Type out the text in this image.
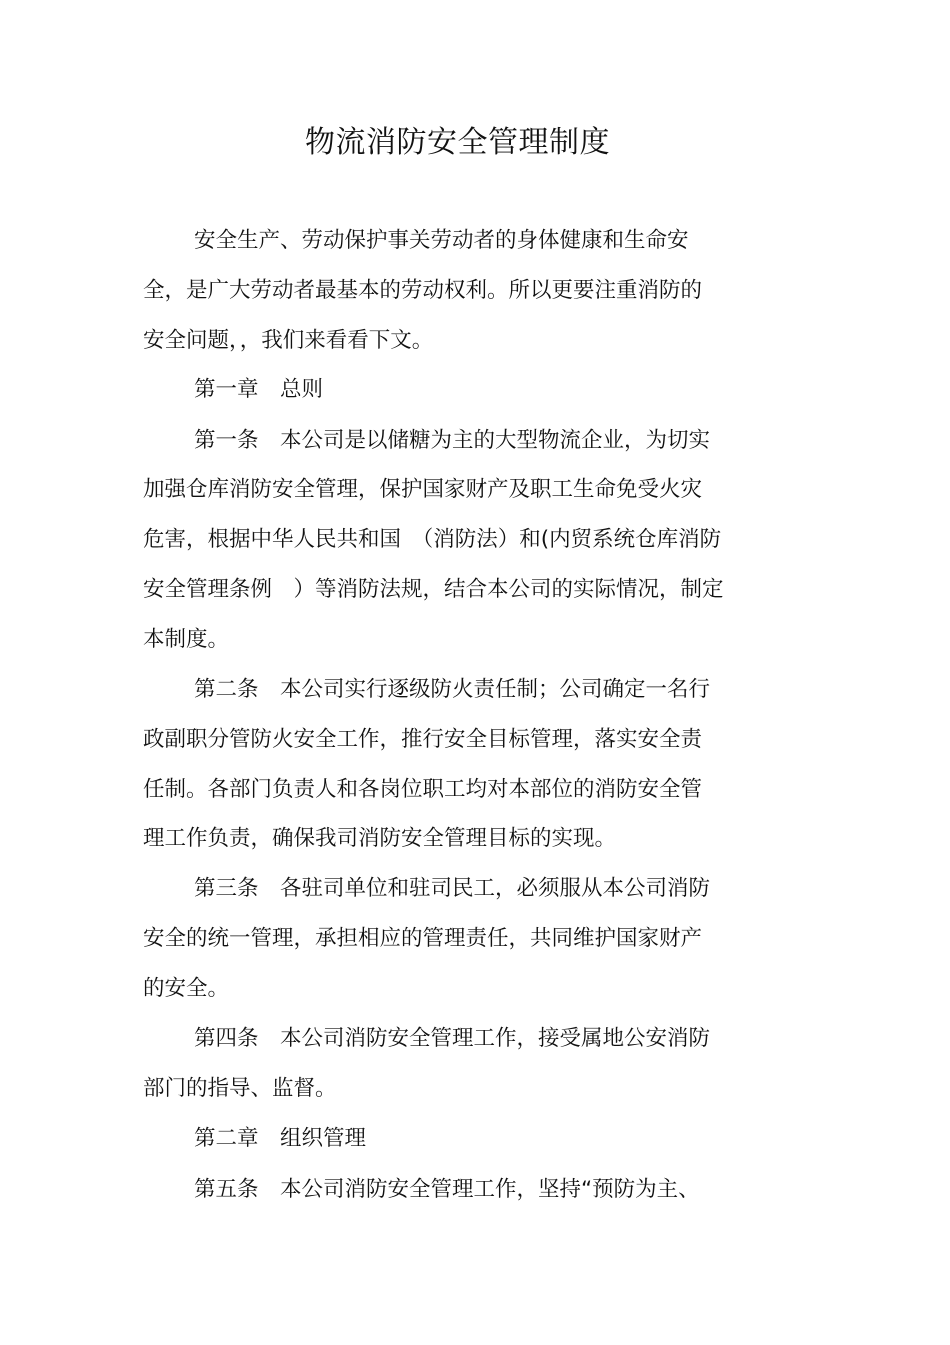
物流消防安全管理制度
安全生产、劳动保护事关劳动者的身体健康和生命安
全，是广大劳动者最基本的劳动权利。所以更要注重消防的
安全问题，，我们来看看下文。
第一章　总则
第一条　本公司是以储糖为主的大型物流企业，为切实
加强仓库消防安全管理，保护国家财产及职工生命免受火灾
危害，根据中华人民共和国　（消防法）和(内贸系统仓库消防
安全管理条例　）等消防法规，结合本公司的实际情况，制定
本制度。
第二条　本公司实行逐级防火责任制；公司确定一名行
政副职分管防火安全工作，推行安全目标管理，落实安全责
任制。各部门负责人和各岗位职工均对本部位的消防安全管
理工作负责，确保我司消防安全管理目标的实现。
第三条　各驻司单位和驻司民工，必须服从本公司消防
安全的统一管理，承担相应的管理责任，共同维护国家财产
的安全。
第四条　本公司消防安全管理工作，接受属地公安消防
部门的指导、监督。
第二章　组织管理
第五条　本公司消防安全管理工作，坚持“预防为主、
